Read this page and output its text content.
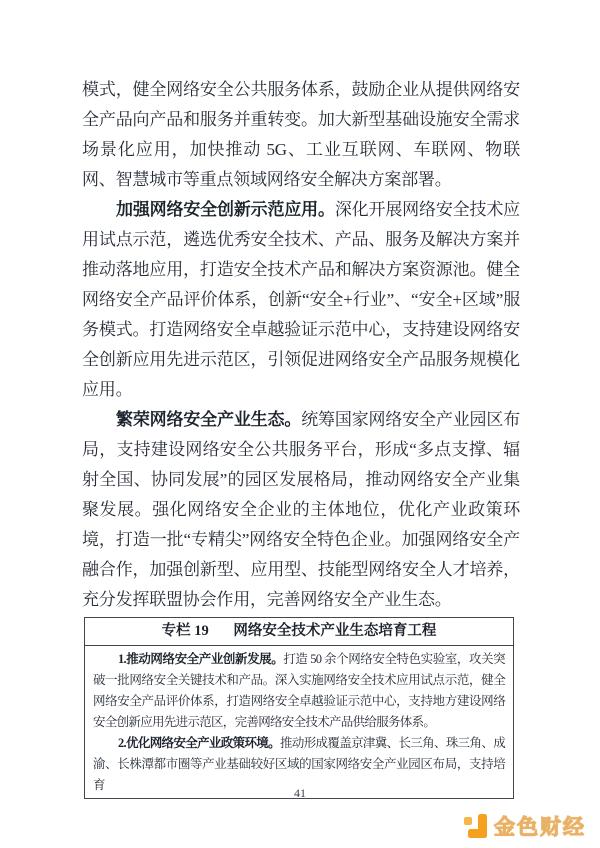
模式，健全网络安全公共服务体系，鼓励企业从提供网络安全产品向产品和服务并重转变。加大新型基础设施安全需求场景化应用，加快推动 5G、工业互联网、车联网、物联网、智慧城市等重点领域网络安全解决方案部署。

加强网络安全创新示范应用。深化开展网络安全技术应用试点示范，遴选优秀安全技术、产品、服务及解决方案并推动落地应用，打造安全技术产品和解决方案资源池。健全网络安全产品评价体系，创新“安全+行业”、“安全+区域”服务模式。打造网络安全卓越验证示范中心，支持建设网络安全创新应用先进示范区，引领促进网络安全产品服务规模化应用。

繁荣网络安全产业生态。统筹国家网络安全产业园区布局，支持建设网络安全公共服务平台，形成“多点支撑、辐射全国、协同发展”的园区发展格局，推动网络安全产业集聚发展。强化网络安全企业的主体地位，优化产业政策环境，打造一批“专精尖”网络安全特色企业。加强网络安全产融合作，加强创新型、应用型、技能型网络安全人才培养，充分发挥联盟协会作用，完善网络安全产业生态。

专栏 19 网络安全技术产业生态培育工程

1.推动网络安全产业创新发展。打造 50 余个网络安全特色实验室，攻关突破一批网络安全关键技术和产品。深入实施网络安全技术应用试点示范，健全网络安全产品评价体系，打造网络安全卓越验证示范中心，支持地方建设网络安全创新应用先进示范区，完善网络安全技术产品供给服务体系。

2.优化网络安全产业政策环境。推动形成覆盖京津冀、长三角、珠三角、成渝、长株潭都市圈等产业基础较好区域的国家网络安全产业园区布局，支持培育

41
金色财经
